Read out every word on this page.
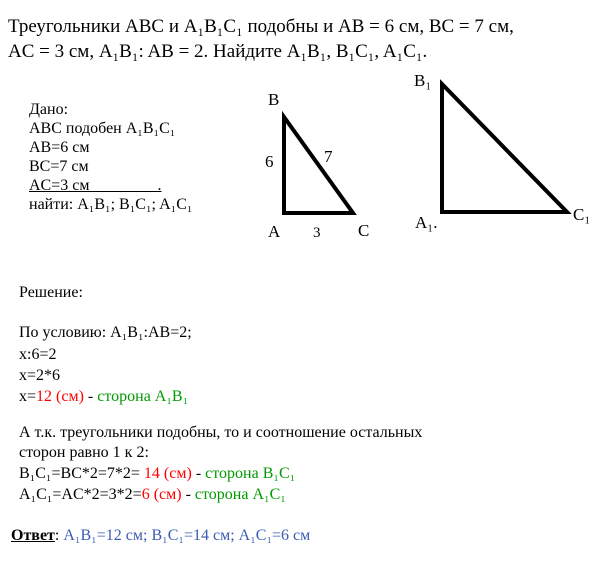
Треугольники ABC и A₁B₁C₁ подобны и AB = 6 см, BC = 7 см,
AC = 3 см, A₁B₁: AB = 2. Найдите A₁B₁, B₁C₁, A₁C₁.
Дано:
ABC подобен A₁B₁C₁
AB=6 см
BC=7 см
AC=3 см                 .
найти: A₁B₁; B₁C₁; A₁C₁
B
6	7
A 3 C
B₁
A₁.	C₁
Решение:
По условию: A₁B₁:AB=2;
x:6=2
x=2*6
x=12 (см) - сторона A₁B₁
А т.к. треугольники подобны, то и соотношение остальных
сторон равно 1 к 2:
B₁C₁=BC*2=7*2= 14 (см) - сторона B₁C₁
A₁C₁=AC*2=3*2=6 (см) - сторона A₁C₁
Ответ: A₁B₁=12 см; B₁C₁=14 см; A₁C₁=6 см
